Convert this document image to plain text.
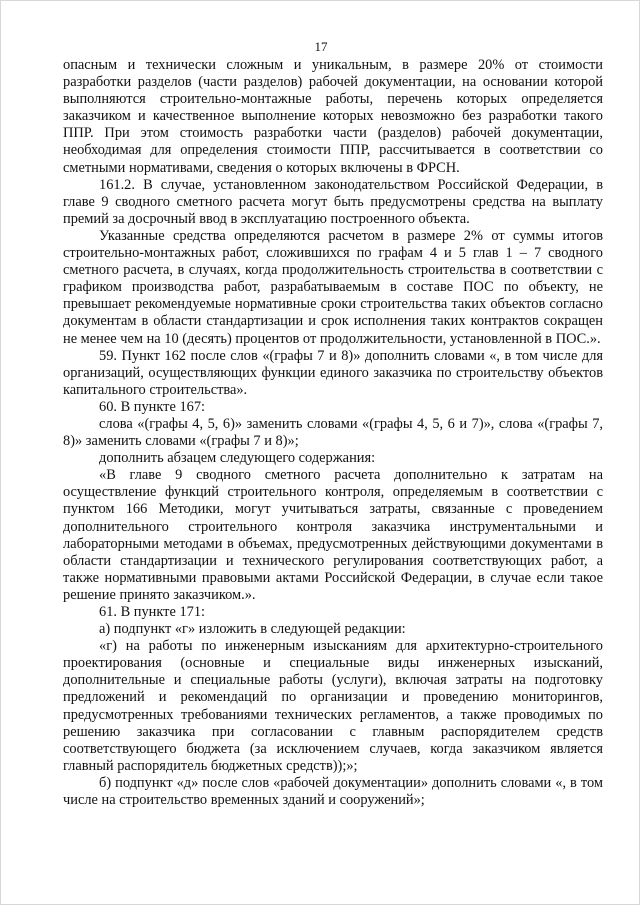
17

опасным и технически сложным и уникальным, в размере 20% от стоимости разработки разделов (части разделов) рабочей документации, на основании которой выполняются строительно-монтажные работы, перечень которых определяется заказчиком и качественное выполнение которых невозможно без разработки такого ППР. При этом стоимость разработки части (разделов) рабочей документации, необходимая для определения стоимости ППР, рассчитывается в соответствии со сметными нормативами, сведения о которых включены в ФРСН.

161.2. В случае, установленном законодательством Российской Федерации, в главе 9 сводного сметного расчета могут быть предусмотрены средства на выплату премий за досрочный ввод в эксплуатацию построенного объекта.

Указанные средства определяются расчетом в размере 2% от суммы итогов строительно-монтажных работ, сложившихся по графам 4 и 5 глав 1 – 7 сводного сметного расчета, в случаях, когда продолжительность строительства в соответствии с графиком производства работ, разрабатываемым в составе ПОС по объекту, не превышает рекомендуемые нормативные сроки строительства таких объектов согласно документам в области стандартизации и срок исполнения таких контрактов сокращен не менее чем на 10 (десять) процентов от продолжительности, установленной в ПОС.».

59. Пункт 162 после слов «(графы 7 и 8)» дополнить словами «, в том числе для организаций, осуществляющих функции единого заказчика по строительству объектов капитального строительства».

60. В пункте 167:

слова «(графы 4, 5, 6)» заменить словами «(графы 4, 5, 6 и 7)», слова «(графы 7, 8)» заменить словами «(графы 7 и 8)»;

дополнить абзацем следующего содержания:

«В главе 9 сводного сметного расчета дополнительно к затратам на осуществление функций строительного контроля, определяемым в соответствии с пунктом 166 Методики, могут учитываться затраты, связанные с проведением дополнительного строительного контроля заказчика инструментальными и лабораторными методами в объемах, предусмотренных действующими документами в области стандартизации и технического регулирования соответствующих работ, а также нормативными правовыми актами Российской Федерации, в случае если такое решение принято заказчиком.».

61. В пункте 171:

а) подпункт «г» изложить в следующей редакции:

«г) на работы по инженерным изысканиям для архитектурно-строительного проектирования (основные и специальные виды инженерных изысканий, дополнительные и специальные работы (услуги), включая затраты на подготовку предложений и рекомендаций по организации и проведению мониторингов, предусмотренных требованиями технических регламентов, а также проводимых по решению заказчика при согласовании с главным распорядителем средств соответствующего бюджета (за исключением случаев, когда заказчиком является главный распорядитель бюджетных средств));»;

б) подпункт «д» после слов «рабочей документации» дополнить словами «, в том числе на строительство временных зданий и сооружений»;
